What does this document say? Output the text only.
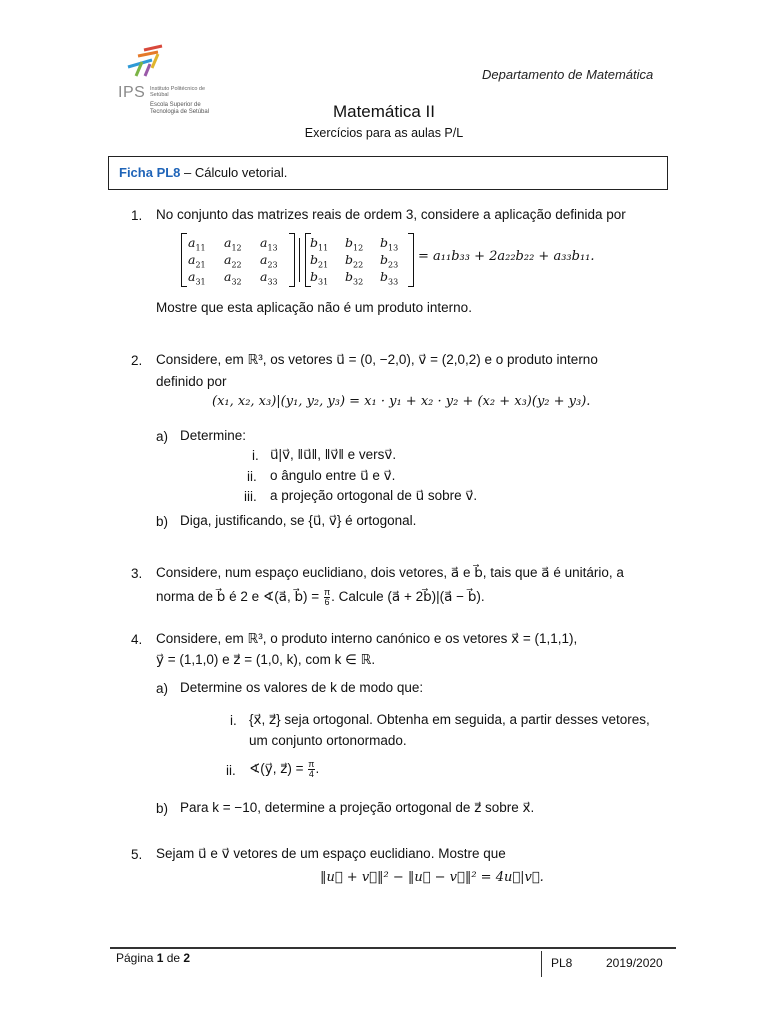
IPS Instituto Politécnico de Setúbal
Escola Superior de Tecnologia de Setúbal
Departamento de Matemática
Matemática II
Exercícios para as aulas P/L
Ficha PL8 – Cálculo vetorial.
1. No conjunto das matrizes reais de ordem 3, considere a aplicação definida por
$a_{11}$	$a_{12}$	$a_{13}$
$a_{21}$	$a_{22}$	$a_{23}$
$a_{31}$	$a_{32}$	$a_{33}$
$b_{11}$	$b_{12}$	$b_{13}$
$b_{21}$	$b_{22}$	$b_{23}$
$b_{31}$	$b_{32}$	$b_{33}$
= a₁₁b₃₃ + 2a₂₂b₂₂ + a₃₃b₁₁.
Mostre que esta aplicação não é um produto interno.
2. Considere, em ℝ³, os vetores u⃗ = (0, −2,0), v⃗ = (2,0,2) e o produto interno
definido por
(x₁, x₂, x₃)|(y₁, y₂, y₃) = x₁ · y₁ + x₂ · y₂ + (x₂ + x₃)(y₂ + y₃).
a) Determine:
i. u⃗|v⃗, ‖u⃗‖, ‖v⃗‖ e versv⃗.
ii. o ângulo entre u⃗ e v⃗.
iii. a projeção ortogonal de u⃗ sobre v⃗.
b) Diga, justificando, se {u⃗, v⃗} é ortogonal.
3. Considere, num espaço euclidiano, dois vetores, a⃗ e b⃗, tais que a⃗ é unitário, a
norma de b⃗ é 2 e ∢(a⃗, b⃗) = $\frac{\pi}{6}$ . Calcule (a⃗ + 2b⃗)|(a⃗ − b⃗).
4. Considere, em ℝ³, o produto interno canónico e os vetores x⃗ = (1,1,1),
y⃗ = (1,1,0) e z⃗ = (1,0, k), com k ∈ ℝ.
a) Determine os valores de k de modo que:
i. {x⃗, z⃗} seja ortogonal. Obtenha em seguida, a partir desses vetores,
um conjunto ortonormado.
ii. ∢(y⃗, z⃗) = $\frac{\pi}{4}$ .
b) Para k = −10, determine a projeção ortogonal de z⃗ sobre x⃗.
5. Sejam u⃗ e v⃗ vetores de um espaço euclidiano. Mostre que
‖u⃗ + v⃗‖² − ‖u⃗ − v⃗‖² = 4u⃗|v⃗.
Página 1 de 2	PL8	2019/2020
